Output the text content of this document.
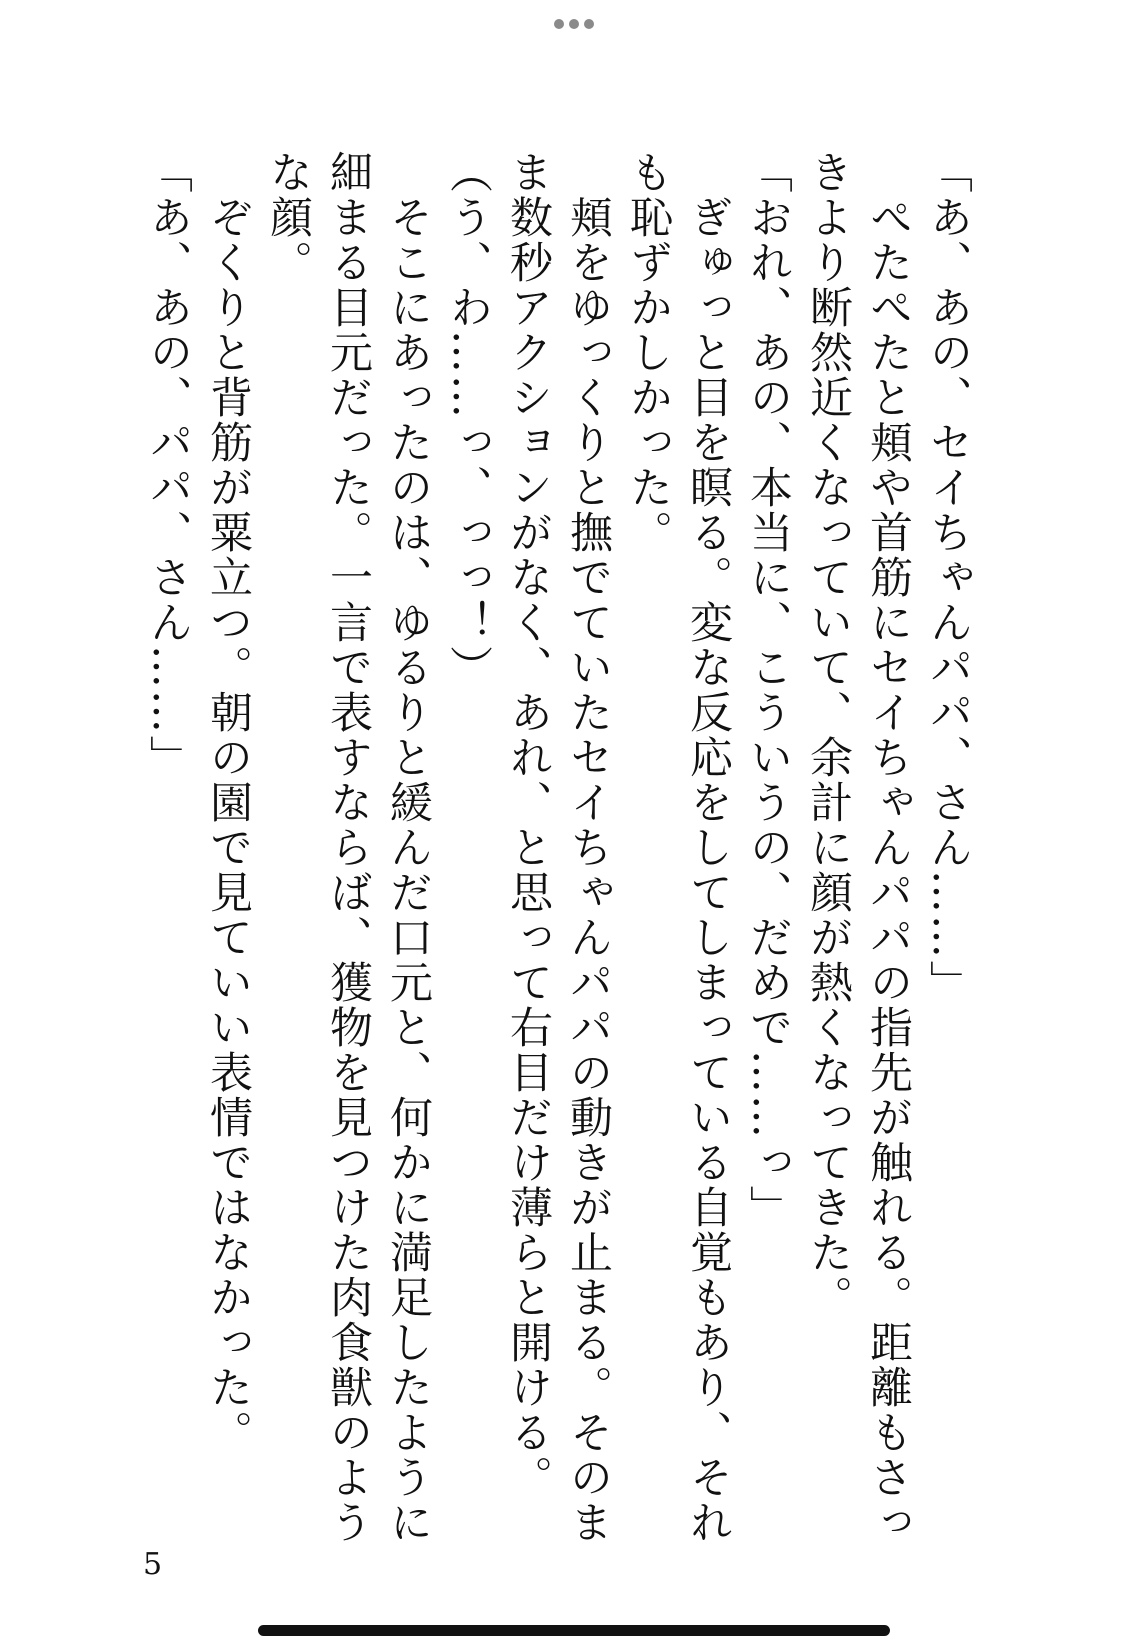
「あ、あの、セイちゃんパパ、さん……」
　ぺたぺたと頬や首筋にセイちゃんパパの指先が触れる。距離もさっ
きより断然近くなっていて、余計に顔が熱くなってきた。
「おれ、あの、本当に、こういうの、だめで……っ」
　ぎゅっと目を瞑る。変な反応をしてしまっている自覚もあり、それ
も恥ずかしかった。
　頬をゆっくりと撫でていたセイちゃんパパの動きが止まる。そのま
ま数秒アクションがなく、あれ、と思って右目だけ薄らと開ける。
（う、わ……っ、っっ！）
　そこにあったのは、ゆるりと緩んだ口元と、何かに満足したように
細まる目元だった。一言で表すならば、獲物を見つけた肉食獣のよう
な顔。
　ぞくりと背筋が粟立つ。朝の園で見ていい表情ではなかった。
「あ、あの、パパ、さん……」
5
